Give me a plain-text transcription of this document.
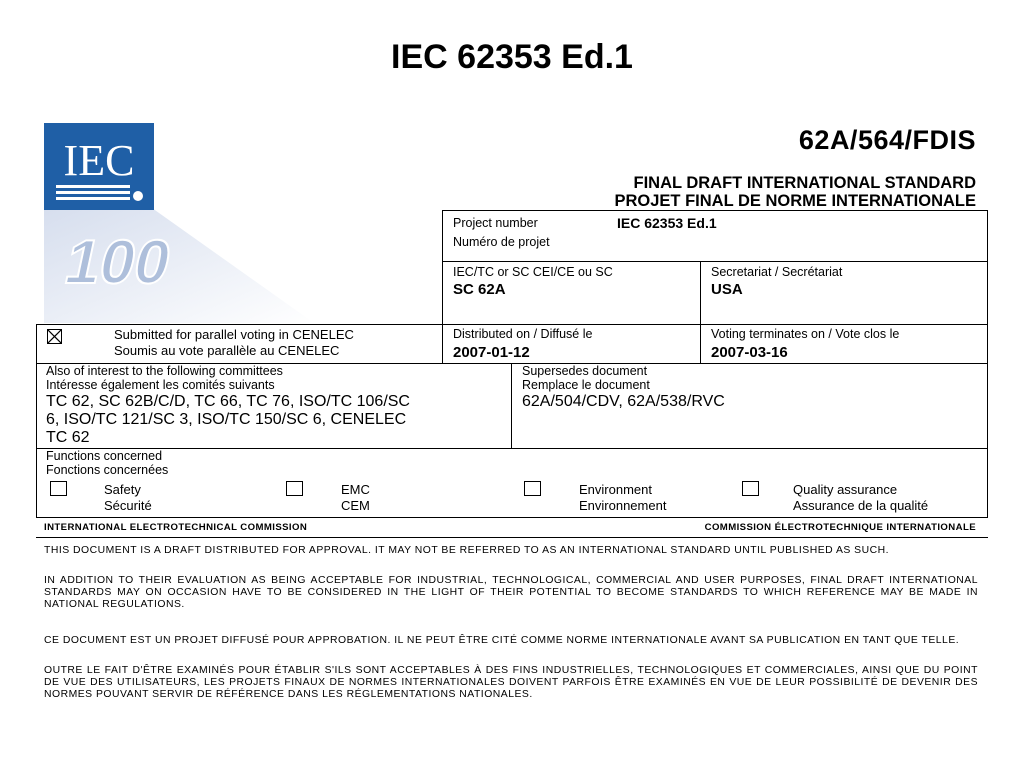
IEC 62353 Ed.1
IEC
100
62A/564/FDIS
FINAL DRAFT INTERNATIONAL STANDARD
PROJET FINAL DE NORME INTERNATIONALE
Project number
Numéro de projet
IEC 62353 Ed.1
IEC/TC or SC CEI/CE ou SC
SC 62A
Secretariat / Secrétariat
USA
Submitted for parallel voting in CENELEC
Soumis au vote parallèle au CENELEC
Distributed on / Diffusé le
2007-01-12
Voting terminates on / Vote clos le
2007-03-16
Also of interest to the following committees
Intéresse également les comités suivants
TC 62, SC 62B/C/D, TC 66, TC 76, ISO/TC 106/SC
6, ISO/TC 121/SC 3, ISO/TC 150/SC 6, CENELEC
TC 62
Supersedes document
Remplace le document
62A/504/CDV, 62A/538/RVC
Functions concerned
Fonctions concernées
Safety
Sécurité
EMC
CEM
Environment
Environnement
Quality assurance
Assurance de la qualité
INTERNATIONAL ELECTROTECHNICAL COMMISSION	COMMISSION ÉLECTROTECHNIQUE INTERNATIONALE
THIS DOCUMENT IS A DRAFT DISTRIBUTED FOR APPROVAL. IT MAY NOT BE REFERRED TO AS AN INTERNATIONAL STANDARD UNTIL PUBLISHED AS SUCH.
IN ADDITION TO THEIR EVALUATION AS BEING ACCEPTABLE FOR INDUSTRIAL, TECHNOLOGICAL, COMMERCIAL AND USER PURPOSES, FINAL DRAFT INTERNATIONAL STANDARDS MAY ON OCCASION HAVE TO BE CONSIDERED IN THE LIGHT OF THEIR POTENTIAL TO BECOME STANDARDS TO WHICH REFERENCE MAY BE MADE IN NATIONAL REGULATIONS.
CE DOCUMENT EST UN PROJET DIFFUSÉ POUR APPROBATION. IL NE PEUT ÊTRE CITÉ COMME NORME INTERNATIONALE AVANT SA PUBLICATION EN TANT QUE TELLE.
OUTRE LE FAIT D'ÊTRE EXAMINÉS POUR ÉTABLIR S'ILS SONT ACCEPTABLES À DES FINS INDUSTRIELLES, TECHNOLOGIQUES ET COMMERCIALES, AINSI QUE DU POINT DE VUE DES UTILISATEURS, LES PROJETS FINAUX DE NORMES INTERNATIONALES DOIVENT PARFOIS ÊTRE EXAMINÉS EN VUE DE LEUR POSSIBILITÉ DE DEVENIR DES NORMES POUVANT SERVIR DE RÉFÉRENCE DANS LES RÉGLEMENTATIONS NATIONALES.
